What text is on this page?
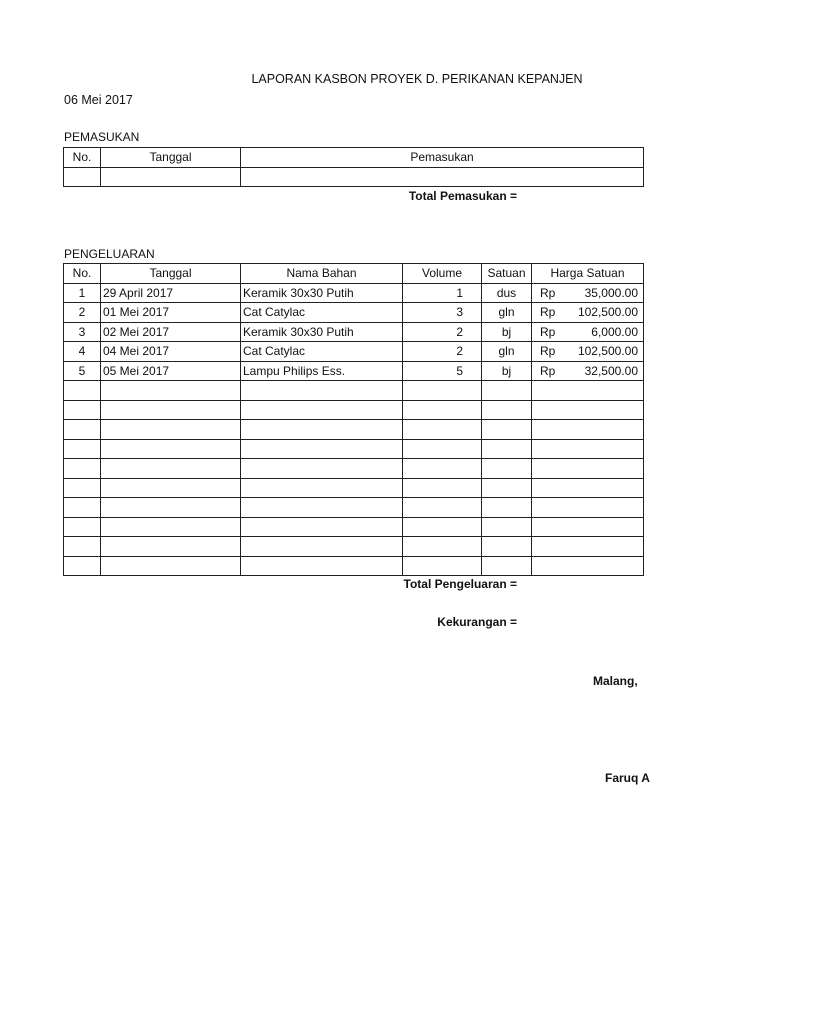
LAPORAN KASBON PROYEK D. PERIKANAN KEPANJEN
06 Mei 2017
PEMASUKAN
No.	Tanggal	Pemasukan

Total Pemasukan =
PENGELUARAN
No.	Tanggal	Nama Bahan	Volume	Satuan	Harga Satuan
1	29 April 2017	Keramik 30x30 Putih	1	dus	Rp 35,000.00

2	01 Mei 2017	Cat Catylac	3	gln	Rp 102,500.00

3	02 Mei 2017	Keramik 30x30 Putih	2	bj	Rp 6,000.00

4	04 Mei 2017	Cat Catylac	2	gln	Rp 102,500.00

5	05 Mei 2017	Lampu Philips Ess.	5	bj	Rp 32,500.00

Total Pengeluaran =
Kekurangan =
Malang,
Faruq A
